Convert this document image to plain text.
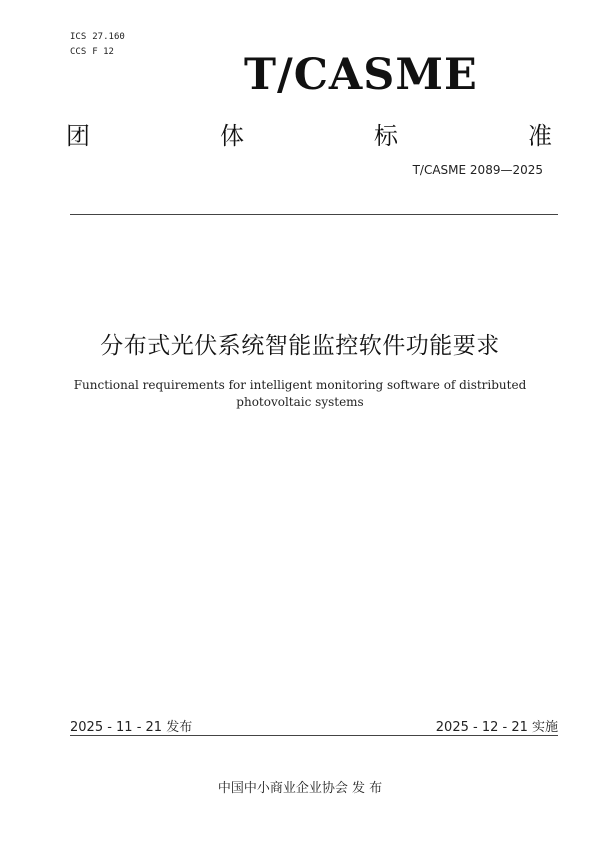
ICS 27.160
CCS F 12	T/CASME
团	体	标	准
T/CASME 2089—2025
分布式光伏系统智能监控软件功能要求
Functional requirements for intelligent monitoring software of distributed
photovoltaic systems
2025 - 11 - 21 发布	2025 - 12 - 21 实施
中国中小商业企业协会 发 布
